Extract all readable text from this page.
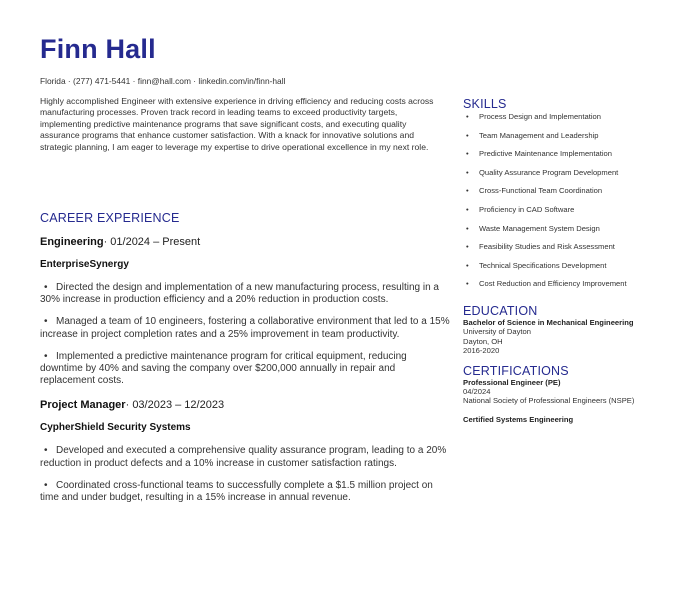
Finn Hall
Florida · (277) 471-5441 · finn@hall.com · linkedin.com/in/finn-hall

Highly accomplished Engineer with extensive experience in driving efficiency and reducing costs across manufacturing processes. Proven track record in leading teams to exceed productivity targets, implementing predictive maintenance programs that save significant costs, and executing quality assurance programs that enhance customer satisfaction. With a knack for innovative solutions and strategic planning, I am eager to leverage my expertise to drive operational excellence in my next role.

CAREER EXPERIENCE
Engineering· 01/2024 – Present
EnterpriseSynergy
• Directed the design and implementation of a new manufacturing process, resulting in a 30% increase in production efficiency and a 20% reduction in production costs.
• Managed a team of 10 engineers, fostering a collaborative environment that led to a 15% increase in project completion rates and a 25% improvement in team productivity.
• Implemented a predictive maintenance program for critical equipment, reducing downtime by 40% and saving the company over $200,000 annually in repair and replacement costs.
Project Manager· 03/2023 – 12/2023
CypherShield Security Systems
• Developed and executed a comprehensive quality assurance program, leading to a 20% reduction in product defects and a 10% increase in customer satisfaction ratings.
• Coordinated cross-functional teams to successfully complete a $1.5 million project on time and under budget, resulting in a 15% increase in annual revenue.
SKILLS
• Process Design and Implementation
• Team Management and Leadership
• Predictive Maintenance Implementation
• Quality Assurance Program Development
• Cross-Functional Team Coordination
• Proficiency in CAD Software
• Waste Management System Design
• Feasibility Studies and Risk Assessment
• Technical Specifications Development
• Cost Reduction and Efficiency Improvement
EDUCATION
Bachelor of Science in Mechanical Engineering
University of Dayton
Dayton, OH
2016-2020
CERTIFICATIONS
Professional Engineer (PE)
04/2024
National Society of Professional Engineers (NSPE)
Certified Systems Engineering
